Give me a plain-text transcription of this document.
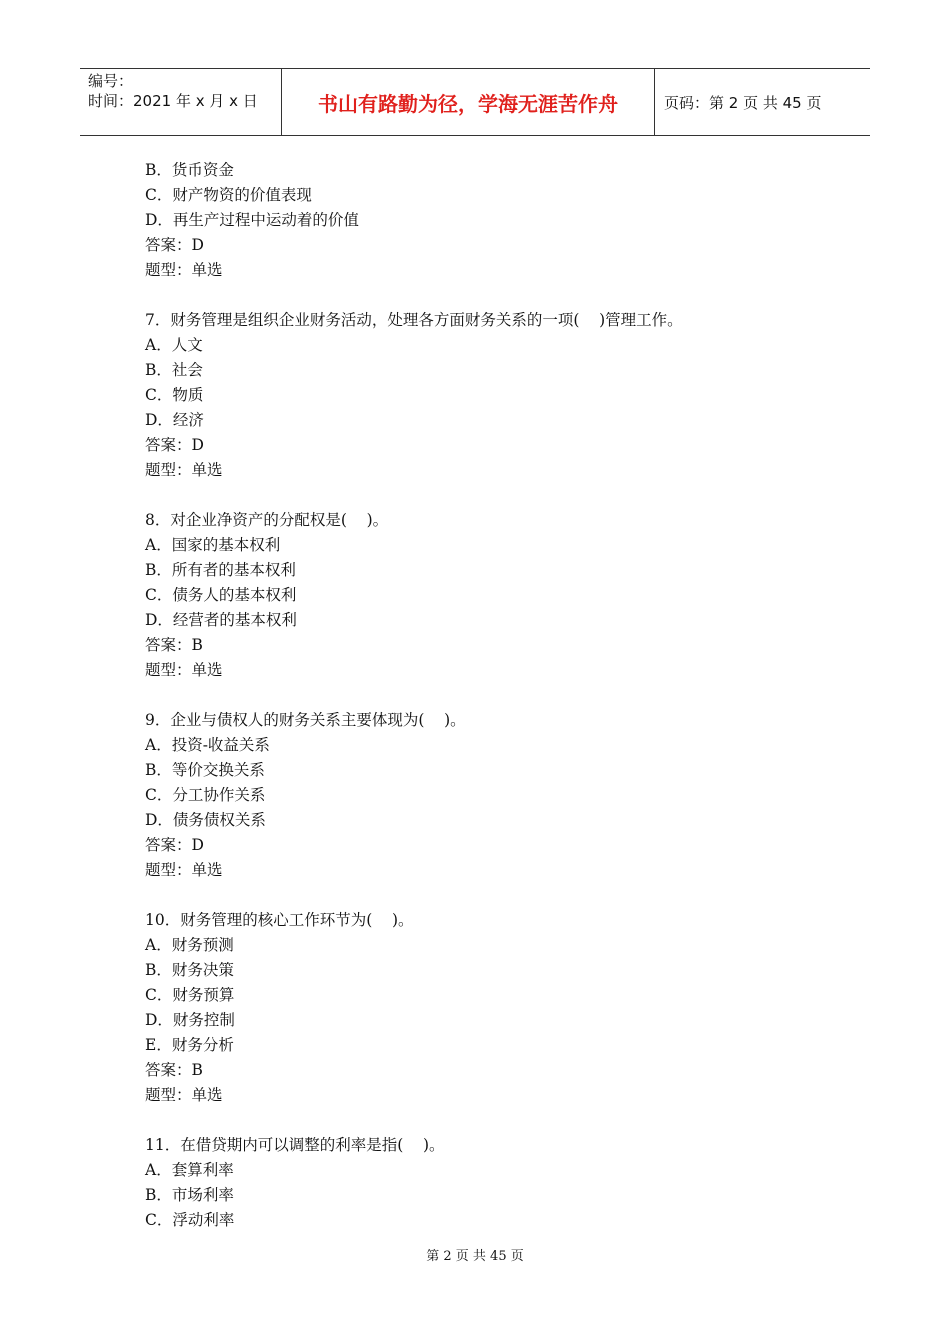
编号：
时间：2021 年 x 月 x 日	书山有路勤为径，学海无涯苦作舟	页码：第 2 页 共 45 页
B．货币资金
C．财产物资的价值表现
D．再生产过程中运动着的价值
答案：D
题型：单选
7．财务管理是组织企业财务活动，处理各方面财务关系的一项(    )管理工作。
A．人文
B．社会
C．物质
D．经济
答案：D
题型：单选
8．对企业净资产的分配权是(    )。
A．国家的基本权利
B．所有者的基本权利
C．债务人的基本权利
D．经营者的基本权利
答案：B
题型：单选
9．企业与债权人的财务关系主要体现为(    )。
A．投资-收益关系
B．等价交换关系
C．分工协作关系
D．债务债权关系
答案：D
题型：单选
10．财务管理的核心工作环节为(    )。
A．财务预测
B．财务决策
C．财务预算
D．财务控制
E．财务分析
答案：B
题型：单选
11．在借贷期内可以调整的利率是指(    )。
A．套算利率
B．市场利率
C．浮动利率
第 2 页 共 45 页
